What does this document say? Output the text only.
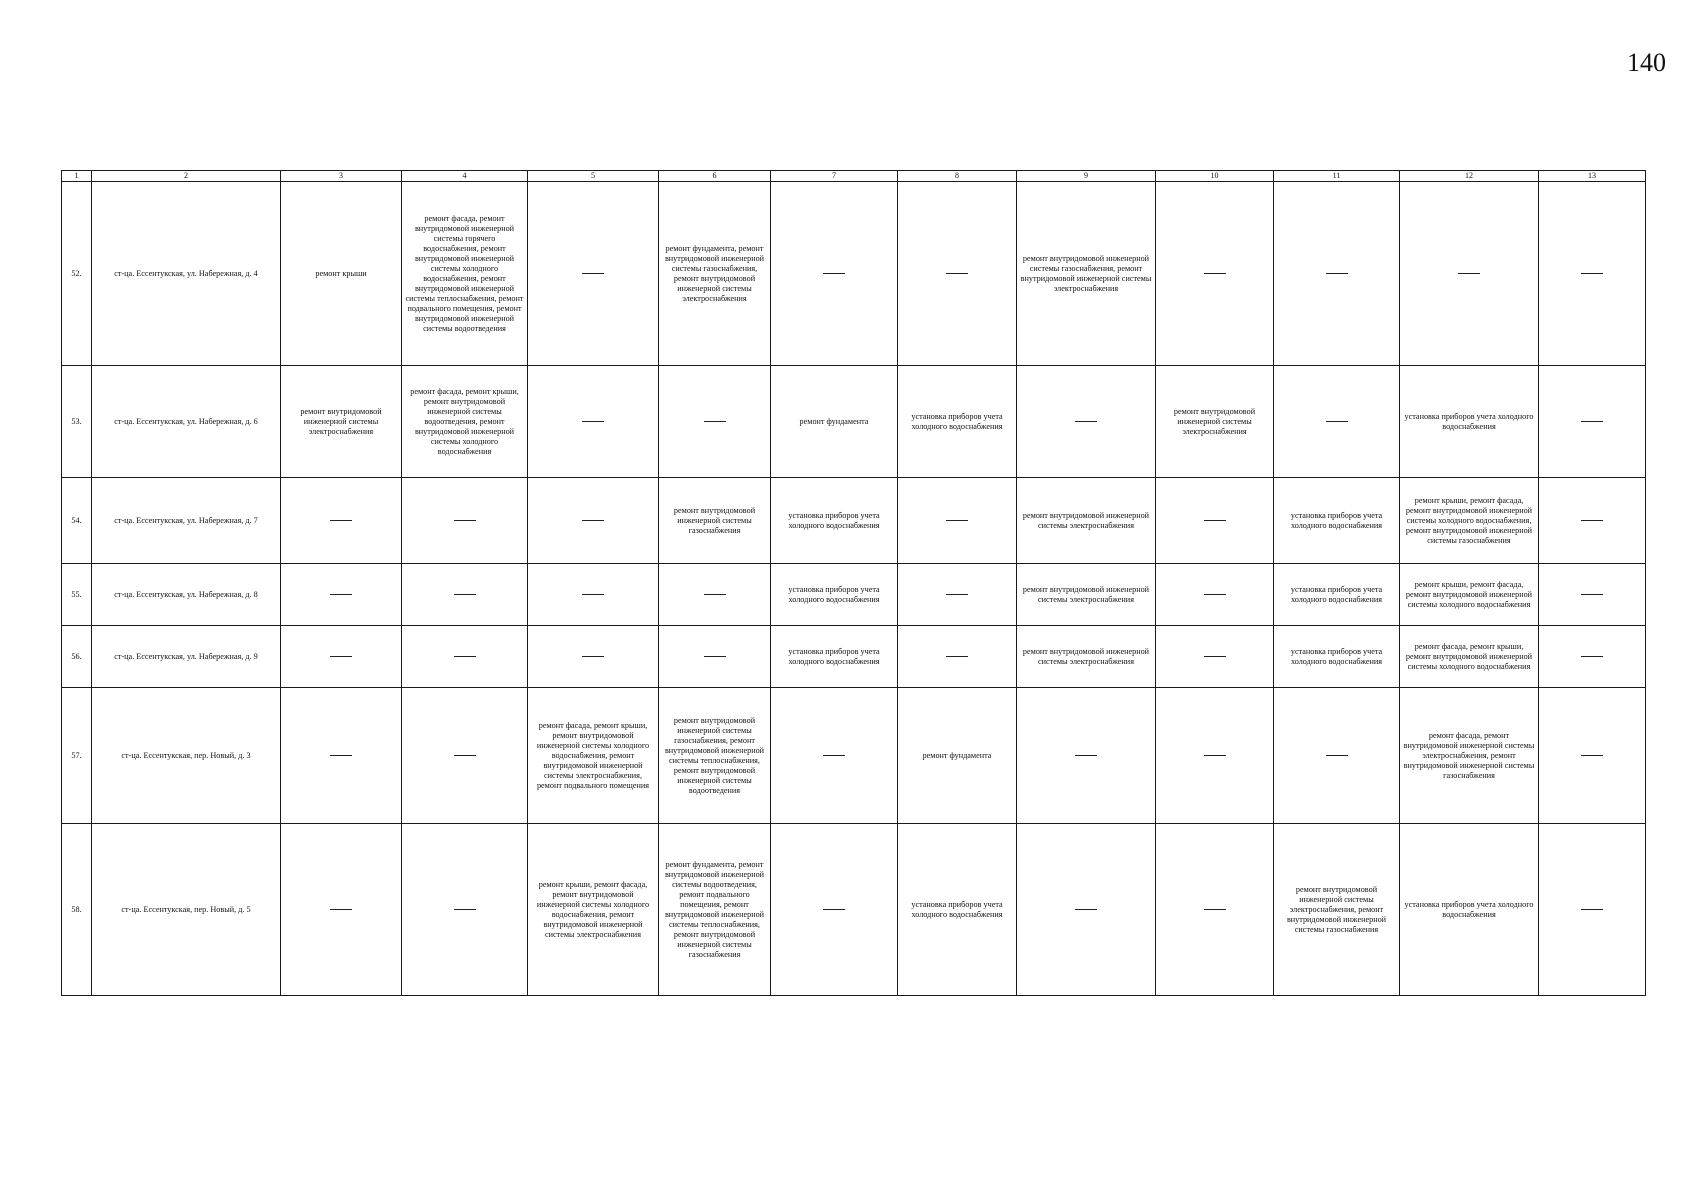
140
1	2	3	4	5	6	7	8	9	10	11	12	13
52.	ст-ца. Ессентукская, ул. Набережная, д. 4	ремонт крыши	ремонт фасада, ремонт внутридомовой инженерной системы горячего водоснабжения, ремонт внутридомовой инженерной системы холодного водоснабжения, ремонт внутридомовой инженерной системы теплоснабжения, ремонт подвального помещения, ремонт внутридомовой инженерной системы водоотведения		ремонт фундамента, ремонт внутридомовой инженерной системы газоснабжения, ремонт внутридомовой инженерной системы электроснабжения			ремонт внутридомовой инженерной системы газоснабжения, ремонт внутридомовой инженерной системы электроснабжения				
53.	ст-ца. Ессентукская, ул. Набережная, д. 6	ремонт внутридомовой инженерной системы электроснабжения	ремонт фасада, ремонт крыши, ремонт внутридомовой инженерной системы водоотведения, ремонт внутридомовой инженерной системы холодного водоснабжения			ремонт фундамента	установка приборов учета холодного водоснабжения		ремонт внутридомовой инженерной системы электроснабжения		установка приборов учета холодного водоснабжения	
54.	ст-ца. Ессентукская, ул. Набережная, д. 7				ремонт внутридомовой инженерной системы газоснабжения	установка приборов учета холодного водоснабжения		ремонт внутридомовой инженерной системы электроснабжения		установка приборов учета холодного водоснабжения	ремонт крыши, ремонт фасада, ремонт внутридомовой инженерной системы холодного водоснабжения, ремонт внутридомовой инженерной системы газоснабжения	
55.	ст-ца. Ессентукская, ул. Набережная, д. 8					установка приборов учета холодного водоснабжения		ремонт внутридомовой инженерной системы электроснабжения		установка приборов учета холодного водоснабжения	ремонт крыши, ремонт фасада, ремонт внутридомовой инженерной системы холодного водоснабжения	
56.	ст-ца. Ессентукская, ул. Набережная, д. 9					установка приборов учета холодного водоснабжения		ремонт внутридомовой инженерной системы электроснабжения		установка приборов учета холодного водоснабжения	ремонт фасада, ремонт крыши, ремонт внутридомовой инженерной системы холодного водоснабжения	
57.	ст-ца. Ессентукская, пер. Новый, д. 3			ремонт фасада, ремонт крыши, ремонт внутридомовой инженерной системы холодного водоснабжения, ремонт внутридомовой инженерной системы электроснабжения, ремонт подвального помещения	ремонт внутридомовой инженерной системы газоснабжения, ремонт внутридомовой инженерной системы теплоснабжения, ремонт внутридомовой инженерной системы водоотведения		ремонт фундамента				ремонт фасада, ремонт внутридомовой инженерной системы электроснабжения, ремонт внутридомовой инженерной системы газоснабжения	
58.	ст-ца. Ессентукская, пер. Новый, д. 5			ремонт крыши, ремонт фасада, ремонт внутридомовой инженерной системы холодного водоснабжения, ремонт внутридомовой инженерной системы электроснабжения	ремонт фундамента, ремонт внутридомовой инженерной системы водоотведения, ремонт подвального помещения, ремонт внутридомовой инженерной системы теплоснабжения, ремонт внутридомовой инженерной системы газоснабжения		установка приборов учета холодного водоснабжения			ремонт внутридомовой инженерной системы электроснабжения, ремонт внутридомовой инженерной системы газоснабжения	установка приборов учета холодного водоснабжения	
